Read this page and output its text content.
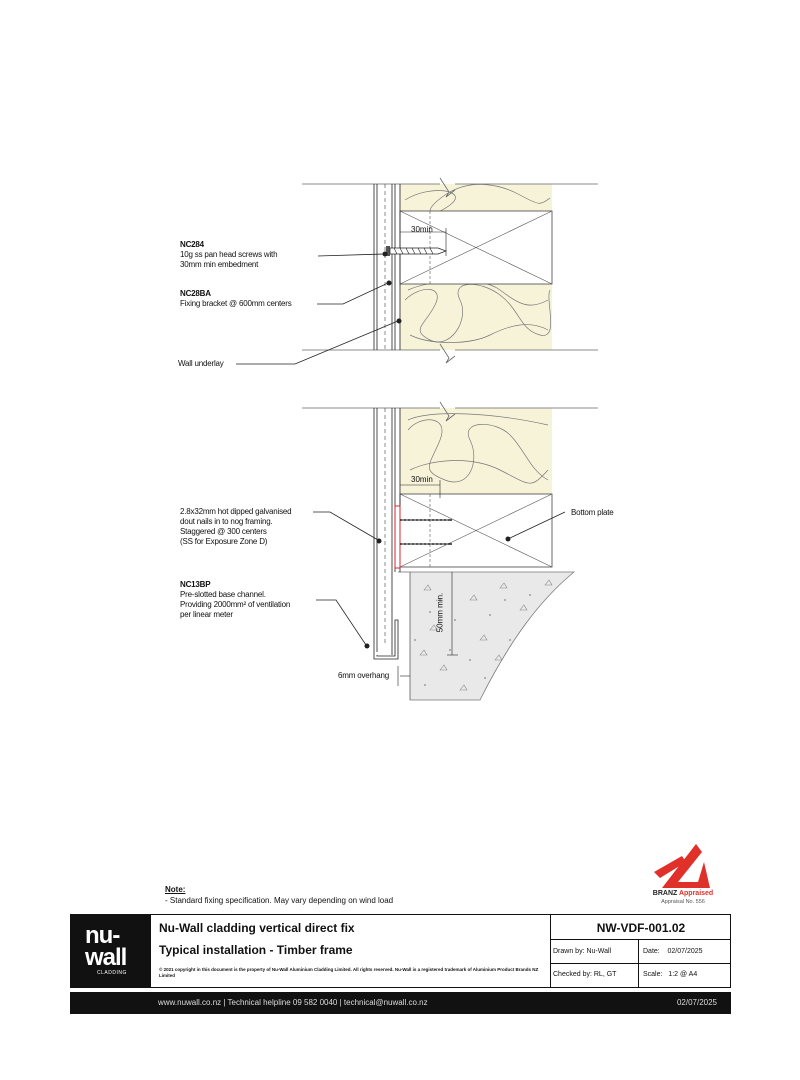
NC284
10g ss pan head screws with
30mm min embedment
NC28BA
Fixing bracket @ 600mm centers
Wall underlay
30min
30min
50mm min.
2.8x32mm hot dipped galvanised
dout nails in to nog framing.
Staggered @ 300 centers
(SS for Exposure Zone D)
NC13BP
Pre-slotted base channel.
Providing 2000mm² of ventilation
per linear meter
Bottom plate
6mm overhang
Note:
- Standard fixing specification. May vary depending on wind load
BRANZ Appraised
Appraisal No. 556
nu-
wall
CLADDING
Nu-Wall cladding vertical direct fix
Typical installation - Timber frame
© 2021 copyright in this document is the property of Nu-Wall Aluminium Cladding Limited. All rights reserved. Nu-Wall is a registered trademark of Aluminium Product Brands NZ Limited
NW-VDF-001.02
Drawn by: Nu-Wall	Date: 02/07/2025
Checked by: RL, GT	Scale: 1:2 @ A4
www.nuwall.co.nz | Technical helpline 09 582 0040 | technical@nuwall.co.nz	02/07/2025
